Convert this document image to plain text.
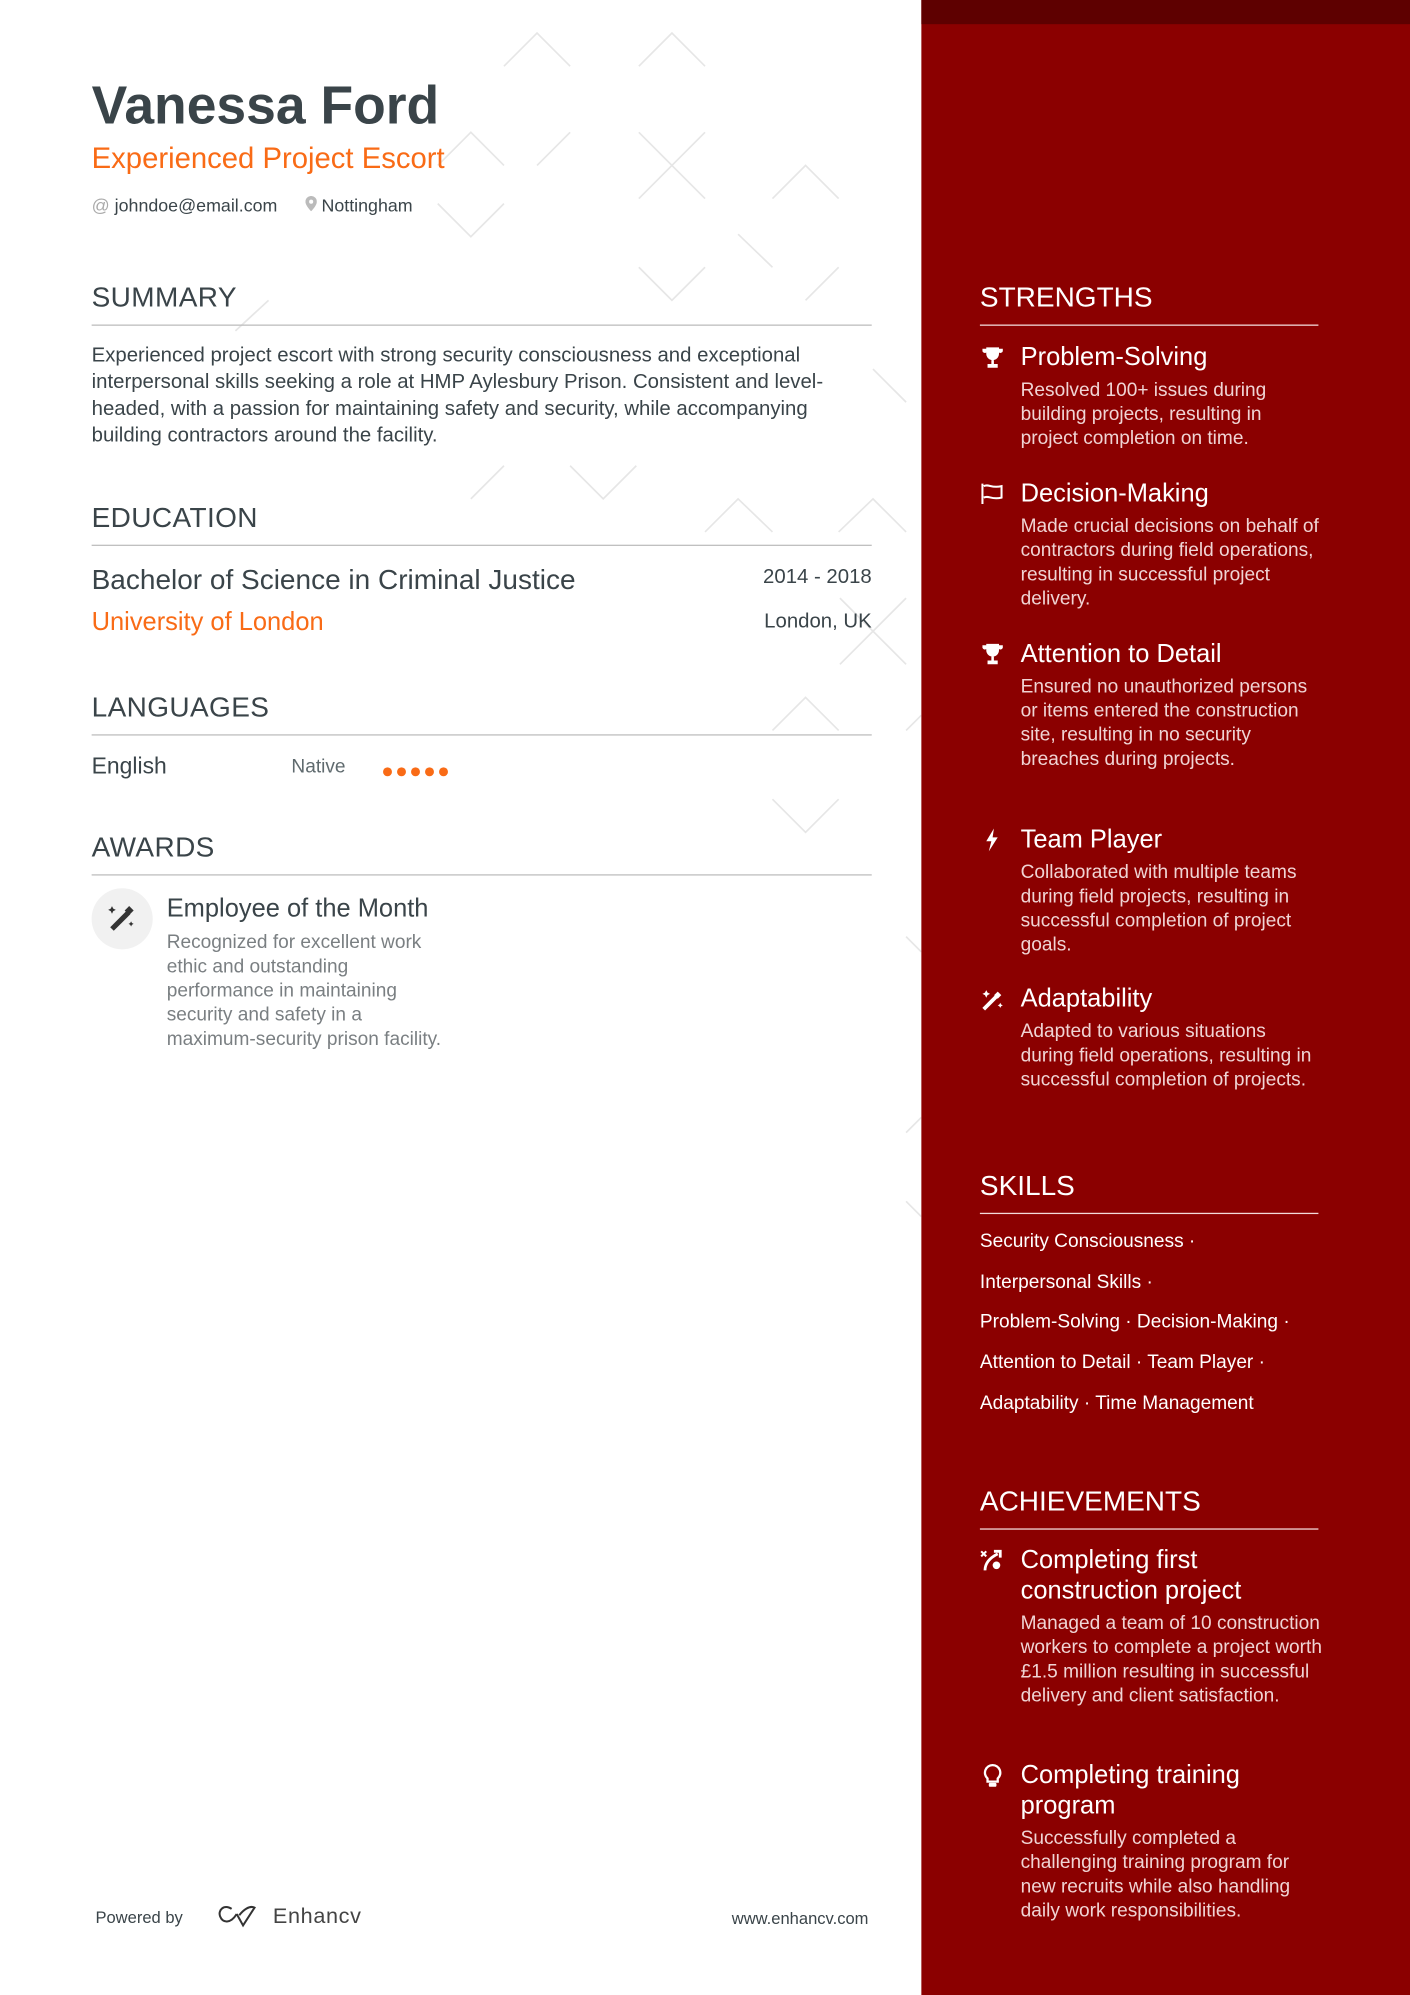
Vanessa Ford
Experienced Project Escort
@ johndoe@email.com	Nottingham
SUMMARY
Experienced project escort with strong security consciousness and exceptional interpersonal skills seeking a role at HMP Aylesbury Prison. Consistent and level-headed, with a passion for maintaining safety and security, while accompanying building contractors around the facility.
EDUCATION
Bachelor of Science in Criminal Justice	2014 - 2018
University of London	London, UK
LANGUAGES
English	Native
AWARDS
Employee of the Month
Recognized for excellent work ethic and outstanding performance in maintaining security and safety in a maximum-security prison facility.
Powered by	Enhancv	www.enhancv.com
STRENGTHS
Problem-Solving
Resolved 100+ issues during building projects, resulting in project completion on time.
Decision-Making
Made crucial decisions on behalf of contractors during field operations, resulting in successful project delivery.
Attention to Detail
Ensured no unauthorized persons or items entered the construction site, resulting in no security breaches during projects.
Team Player
Collaborated with multiple teams during field projects, resulting in successful completion of project goals.
Adaptability
Adapted to various situations during field operations, resulting in successful completion of projects.
SKILLS
Security Consciousness ·
Interpersonal Skills ·
Problem-Solving · Decision-Making ·
Attention to Detail · Team Player ·
Adaptability · Time Management
ACHIEVEMENTS
Completing first construction project
Managed a team of 10 construction workers to complete a project worth £1.5 million resulting in successful delivery and client satisfaction.
Completing training program
Successfully completed a challenging training program for new recruits while also handling daily work responsibilities.
